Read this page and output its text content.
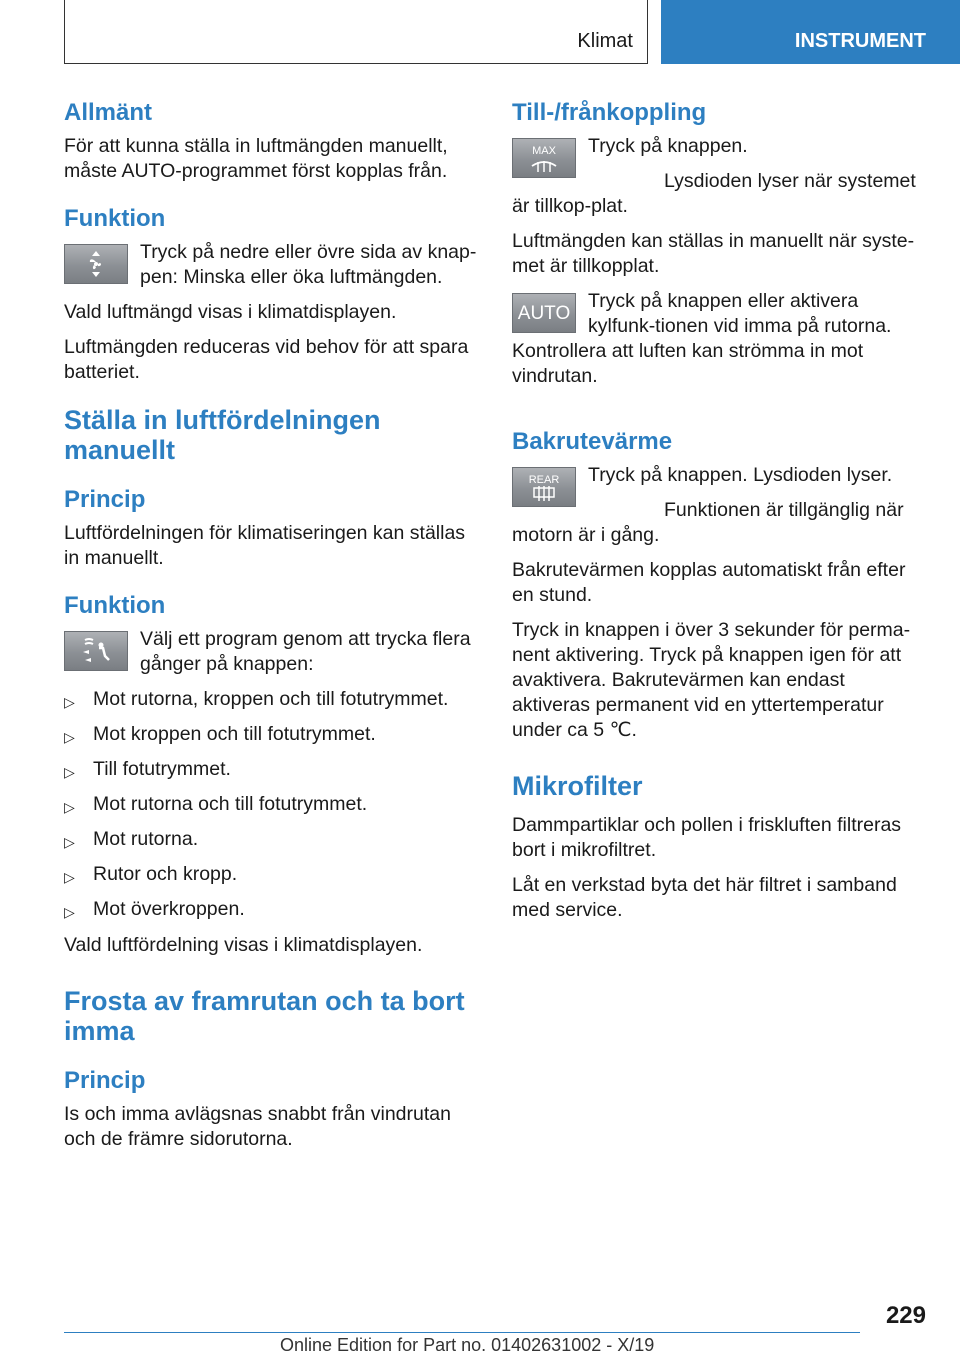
Klimat	INSTRUMENT
Allmänt

För att kunna ställa in luftmängden manuellt, måste AUTO-programmet först kopplas från.

Funktion

Tryck på nedre eller övre sida av knap-pen: Minska eller öka luftmängden.

Vald luftmängd visas i klimatdisplayen.

Luftmängden reduceras vid behov för att spara batteriet.

Ställa in luftfördelningen manuellt
Princip

Luftfördelningen för klimatiseringen kan ställas in manuellt.

Funktion

Välj ett program genom att trycka flera gånger på knappen:

▷ Mot rutorna, kroppen och till fotutrymmet.
▷ Mot kroppen och till fotutrymmet.
▷ Till fotutrymmet.
▷ Mot rutorna och till fotutrymmet.
▷ Mot rutorna.
▷ Rutor och kropp.
▷ Mot överkroppen.

Vald luftfördelning visas i klimatdisplayen.

Frosta av framrutan och ta bort imma
Princip

Is och imma avlägsnas snabbt från vindrutan och de främre sidorutorna.

Till-/frånkoppling
MAX Tryck på knappen.

Lysdioden lyser när systemet är tillkop-plat.

Luftmängden kan ställas in manuellt när syste-met är tillkopplat.

AUTO

Tryck på knappen eller aktivera kylfunk-tionen vid imma på rutorna. Kontrollera att luften kan strömma in mot vindrutan.

Bakrutevärme
REAR Tryck på knappen. Lysdioden lyser.

Funktionen är tillgänglig när motorn är i gång.

Bakrutevärmen kopplas automatiskt från efter en stund.

Tryck in knappen i över 3 sekunder för perma-nent aktivering. Tryck på knappen igen för att avaktivera. Bakrutevärmen kan endast aktiveras permanent vid en yttertemperatur under ca 5 ℃.

Mikrofilter

Dammpartiklar och pollen i friskluften filtreras bort i mikrofiltret.

Låt en verkstad byta det här filtret i samband med service.

229
Online Edition for Part no. 01402631002 - X/19
